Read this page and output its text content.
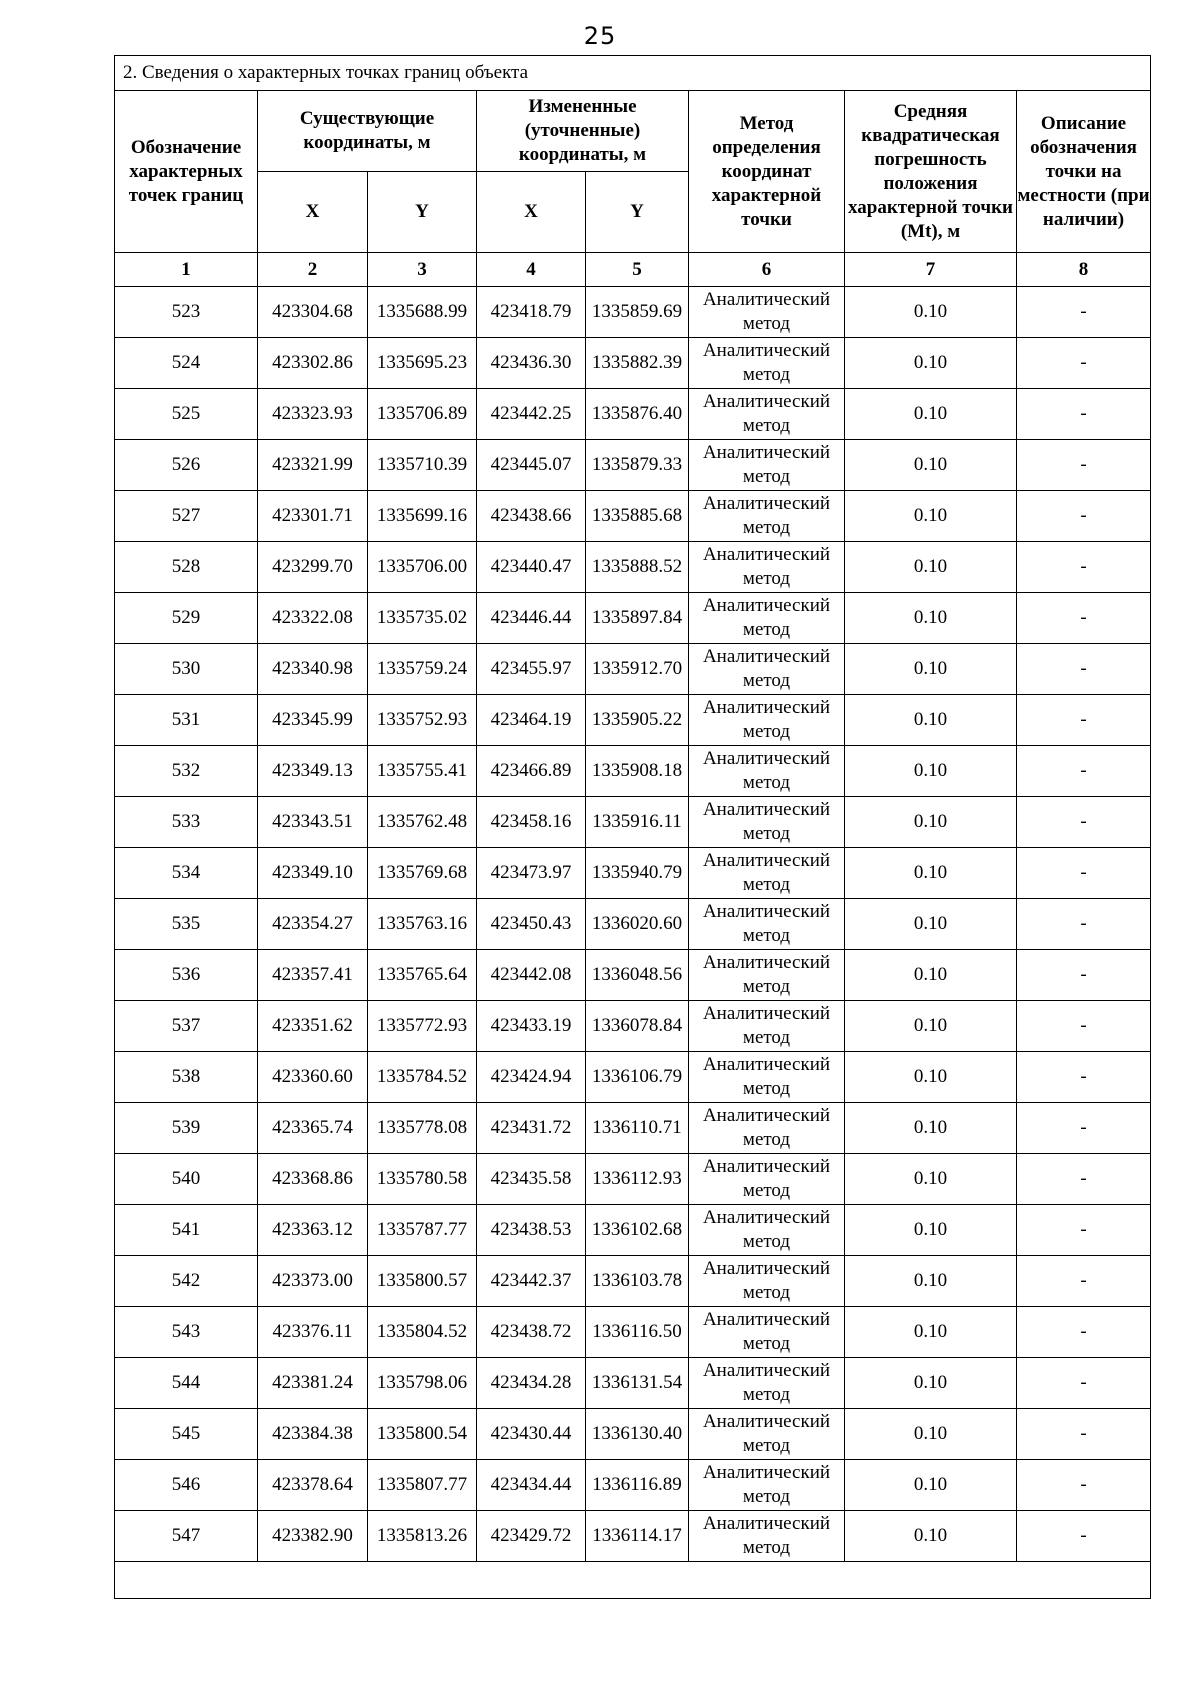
25
2. Сведения о характерных точках границ объекта							
Обозначение характерных точек границ	Существующие координаты, м		Измененные (уточненные) координаты, м		Метод определения координат характерной точки	Средняя квадратическая погрешность положения характерной точки (Mt), м	Описание обозначения точки на местности (при наличии)
	X	Y	X	Y			
1	2	3	4	5	6	7	8
523	423304.68	1335688.99	423418.79	1335859.69	Аналитический метод	0.10	-
524	423302.86	1335695.23	423436.30	1335882.39	Аналитический метод	0.10	-
525	423323.93	1335706.89	423442.25	1335876.40	Аналитический метод	0.10	-
526	423321.99	1335710.39	423445.07	1335879.33	Аналитический метод	0.10	-
527	423301.71	1335699.16	423438.66	1335885.68	Аналитический метод	0.10	-
528	423299.70	1335706.00	423440.47	1335888.52	Аналитический метод	0.10	-
529	423322.08	1335735.02	423446.44	1335897.84	Аналитический метод	0.10	-
530	423340.98	1335759.24	423455.97	1335912.70	Аналитический метод	0.10	-
531	423345.99	1335752.93	423464.19	1335905.22	Аналитический метод	0.10	-
532	423349.13	1335755.41	423466.89	1335908.18	Аналитический метод	0.10	-
533	423343.51	1335762.48	423458.16	1335916.11	Аналитический метод	0.10	-
534	423349.10	1335769.68	423473.97	1335940.79	Аналитический метод	0.10	-
535	423354.27	1335763.16	423450.43	1336020.60	Аналитический метод	0.10	-
536	423357.41	1335765.64	423442.08	1336048.56	Аналитический метод	0.10	-
537	423351.62	1335772.93	423433.19	1336078.84	Аналитический метод	0.10	-
538	423360.60	1335784.52	423424.94	1336106.79	Аналитический метод	0.10	-
539	423365.74	1335778.08	423431.72	1336110.71	Аналитический метод	0.10	-
540	423368.86	1335780.58	423435.58	1336112.93	Аналитический метод	0.10	-
541	423363.12	1335787.77	423438.53	1336102.68	Аналитический метод	0.10	-
542	423373.00	1335800.57	423442.37	1336103.78	Аналитический метод	0.10	-
543	423376.11	1335804.52	423438.72	1336116.50	Аналитический метод	0.10	-
544	423381.24	1335798.06	423434.28	1336131.54	Аналитический метод	0.10	-
545	423384.38	1335800.54	423430.44	1336130.40	Аналитический метод	0.10	-
546	423378.64	1335807.77	423434.44	1336116.89	Аналитический метод	0.10	-
547	423382.90	1335813.26	423429.72	1336114.17	Аналитический метод	0.10	-
